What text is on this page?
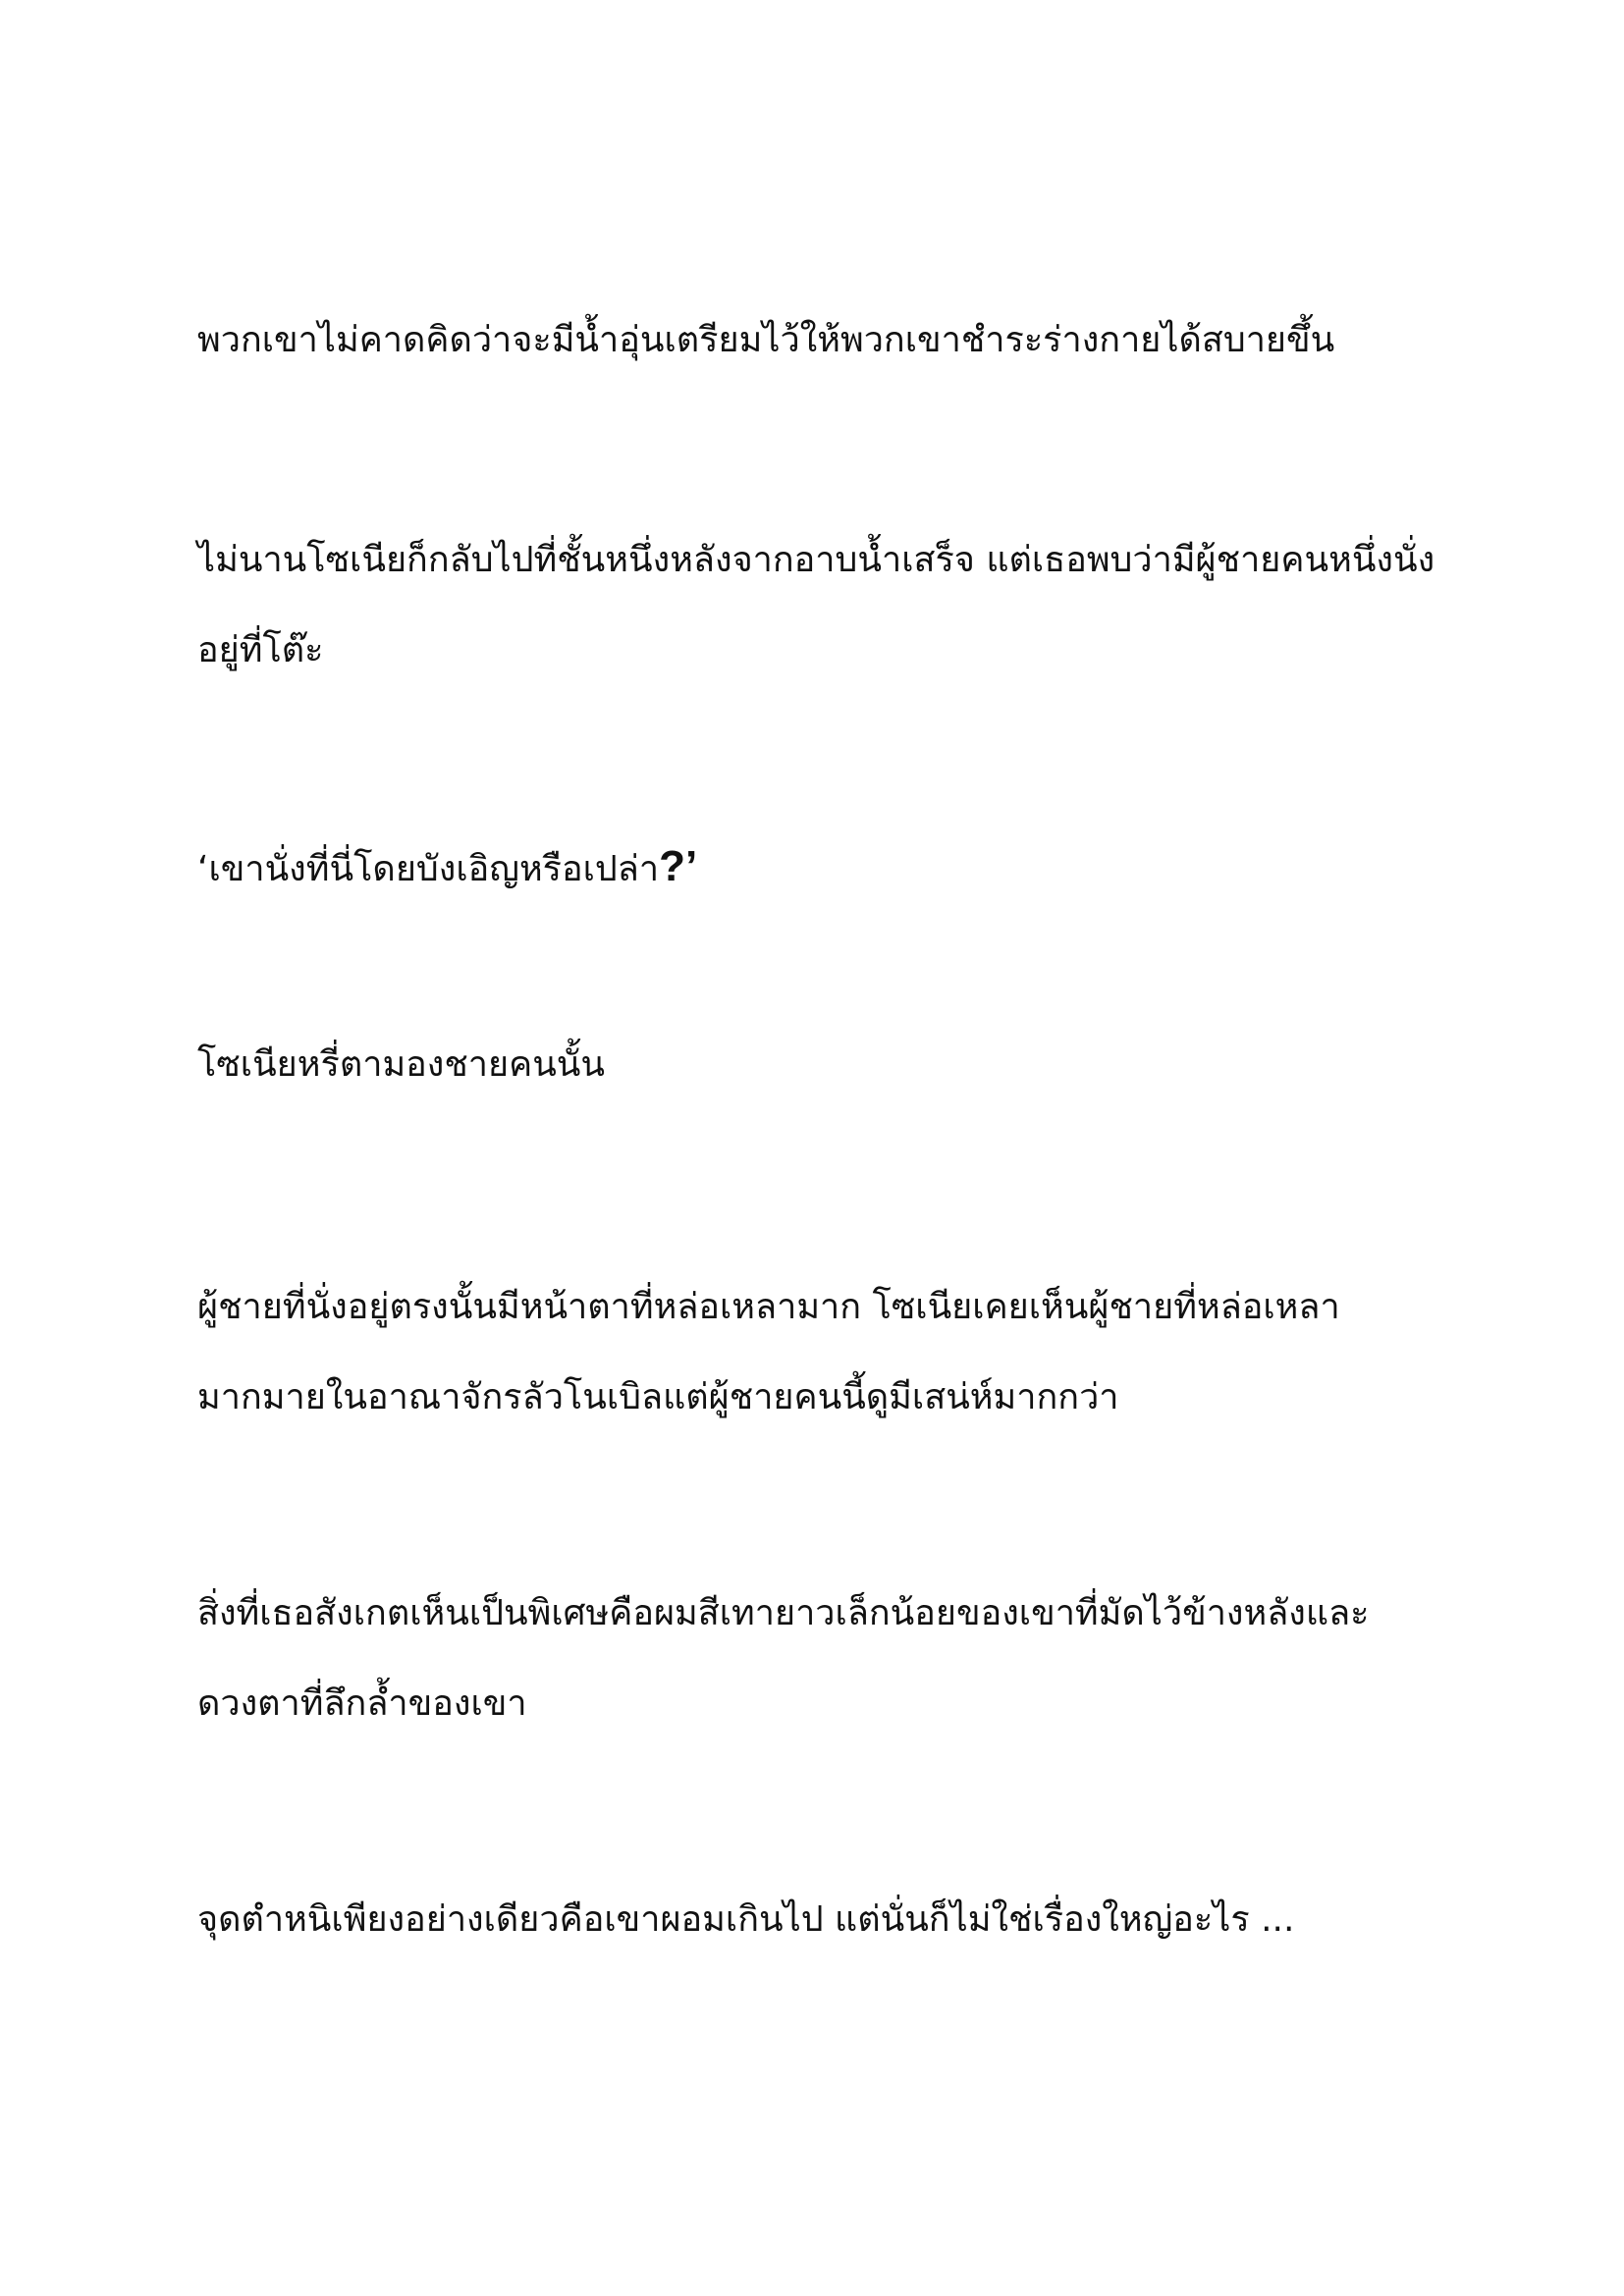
พวกเขาไม่คาดคิดว่าจะมีน้ำอุ่นเตรียมไว้ให้พวกเขาชำระร่างกายได้สบายขึ้น

ไม่นานโซเนียก็กลับไปที่ชั้นหนึ่งหลังจากอาบน้ำเสร็จ แต่เธอพบว่ามีผู้ชายคนหนึ่งนั่ง
อยู่ที่โต๊ะ

‘เขานั่งที่นี่โดยบังเอิญหรือเปล่า?’

โซเนียหรี่ตามองชายคนนั้น

ผู้ชายที่นั่งอยู่ตรงนั้นมีหน้าตาที่หล่อเหลามาก โซเนียเคยเห็นผู้ชายที่หล่อเหลา
มากมายในอาณาจักรลัวโนเบิลแต่ผู้ชายคนนี้ดูมีเสน่ห์มากกว่า

สิ่งที่เธอสังเกตเห็นเป็นพิเศษคือผมสีเทายาวเล็กน้อยของเขาที่มัดไว้ข้างหลังและ
ดวงตาที่ลึกล้ำของเขา

จุดตำหนิเพียงอย่างเดียวคือเขาผอมเกินไป แต่นั่นก็ไม่ใช่เรื่องใหญ่อะไร ...
